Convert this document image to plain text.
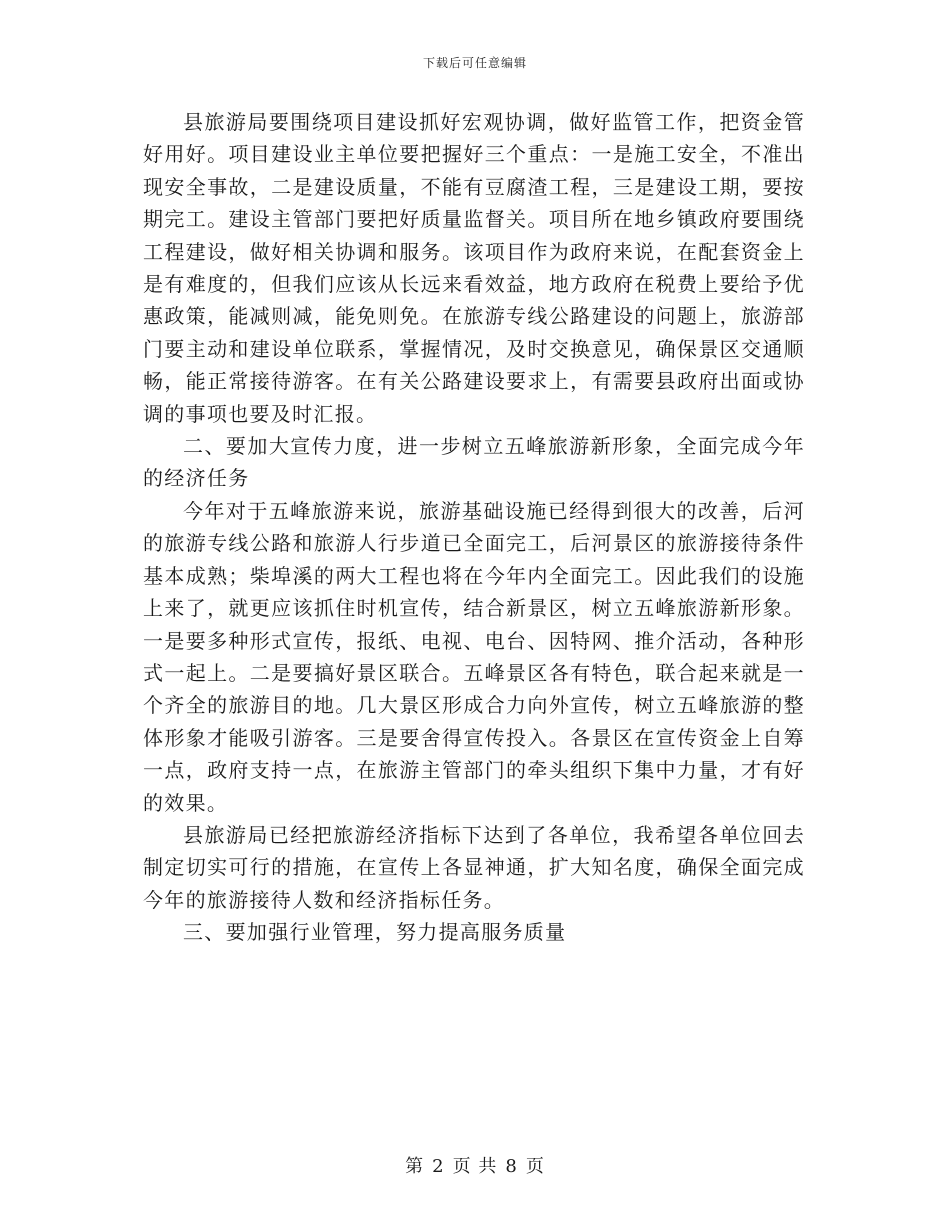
下载后可任意编辑

县旅游局要围绕项目建设抓好宏观协调，做好监管工作，把资金管好用好。项目建设业主单位要把握好三个重点：一是施工安全，不准出现安全事故，二是建设质量，不能有豆腐渣工程，三是建设工期，要按期完工。建设主管部门要把好质量监督关。项目所在地乡镇政府要围绕工程建设，做好相关协调和服务。该项目作为政府来说，在配套资金上是有难度的，但我们应该从长远来看效益，地方政府在税费上要给予优惠政策，能减则减，能免则免。在旅游专线公路建设的问题上，旅游部门要主动和建设单位联系，掌握情况，及时交换意见，确保景区交通顺畅，能正常接待游客。在有关公路建设要求上，有需要县政府出面或协调的事项也要及时汇报。

二、要加大宣传力度，进一步树立五峰旅游新形象，全面完成今年的经济任务

今年对于五峰旅游来说，旅游基础设施已经得到很大的改善，后河的旅游专线公路和旅游人行步道已全面完工，后河景区的旅游接待条件基本成熟；柴埠溪的两大工程也将在今年内全面完工。因此我们的设施上来了，就更应该抓住时机宣传，结合新景区，树立五峰旅游新形象。一是要多种形式宣传，报纸、电视、电台、因特网、推介活动，各种形式一起上。二是要搞好景区联合。五峰景区各有特色，联合起来就是一个齐全的旅游目的地。几大景区形成合力向外宣传，树立五峰旅游的整体形象才能吸引游客。三是要舍得宣传投入。各景区在宣传资金上自筹一点，政府支持一点，在旅游主管部门的牵头组织下集中力量，才有好的效果。

县旅游局已经把旅游经济指标下达到了各单位，我希望各单位回去制定切实可行的措施，在宣传上各显神通，扩大知名度，确保全面完成今年的旅游接待人数和经济指标任务。

三、要加强行业管理，努力提高服务质量

第 2 页 共 8 页
